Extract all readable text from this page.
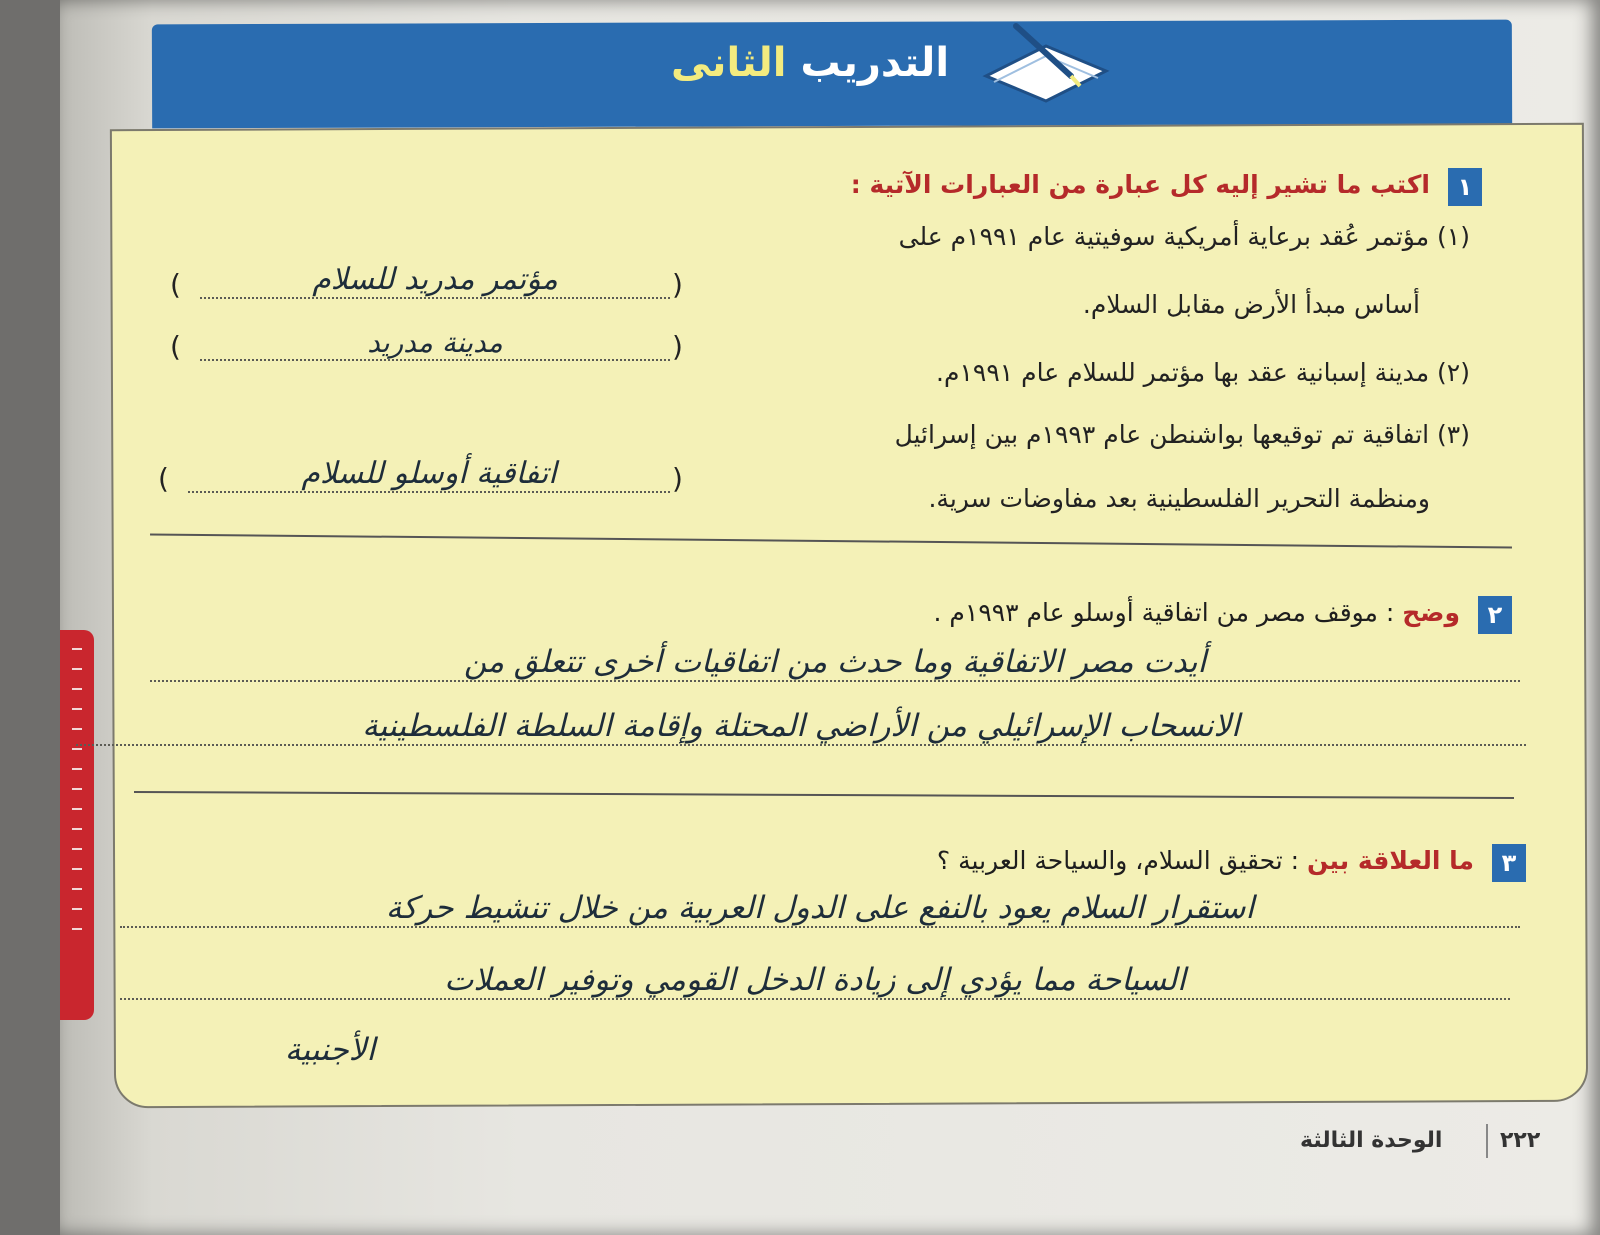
التدريب الثانى
١
اكتب ما تشير إليه كل عبارة من العبارات الآتية :
(١) مؤتمر عُقد برعاية أمريكية سوفيتية عام ١٩٩١م على
أساس مبدأ الأرض مقابل السلام.
(	مؤتمر مدريد للسلام	)
(٢) مدينة إسبانية عقد بها مؤتمر للسلام عام ١٩٩١م.
(	مدينة مدريد	)
(٣) اتفاقية تم توقيعها بواشنطن عام ١٩٩٣م بين إسرائيل
ومنظمة التحرير الفلسطينية بعد مفاوضات سرية.
(	اتفاقية أوسلو للسلام	)
٢
وضح : موقف مصر من اتفاقية أوسلو عام ١٩٩٣م .
أيدت مصر الاتفاقية وما حدث من اتفاقيات أخرى تتعلق من
الانسحاب الإسرائيلي من الأراضي المحتلة وإقامة السلطة الفلسطينية
٣
ما العلاقة بين : تحقيق السلام، والسياحة العربية ؟
استقرار السلام يعود بالنفع على الدول العربية من خلال تنشيط حركة
السياحة مما يؤدي إلى زيادة الدخل القومي وتوفير العملات
الأجنبية
الوحدة الثالثة	٢٢٢
